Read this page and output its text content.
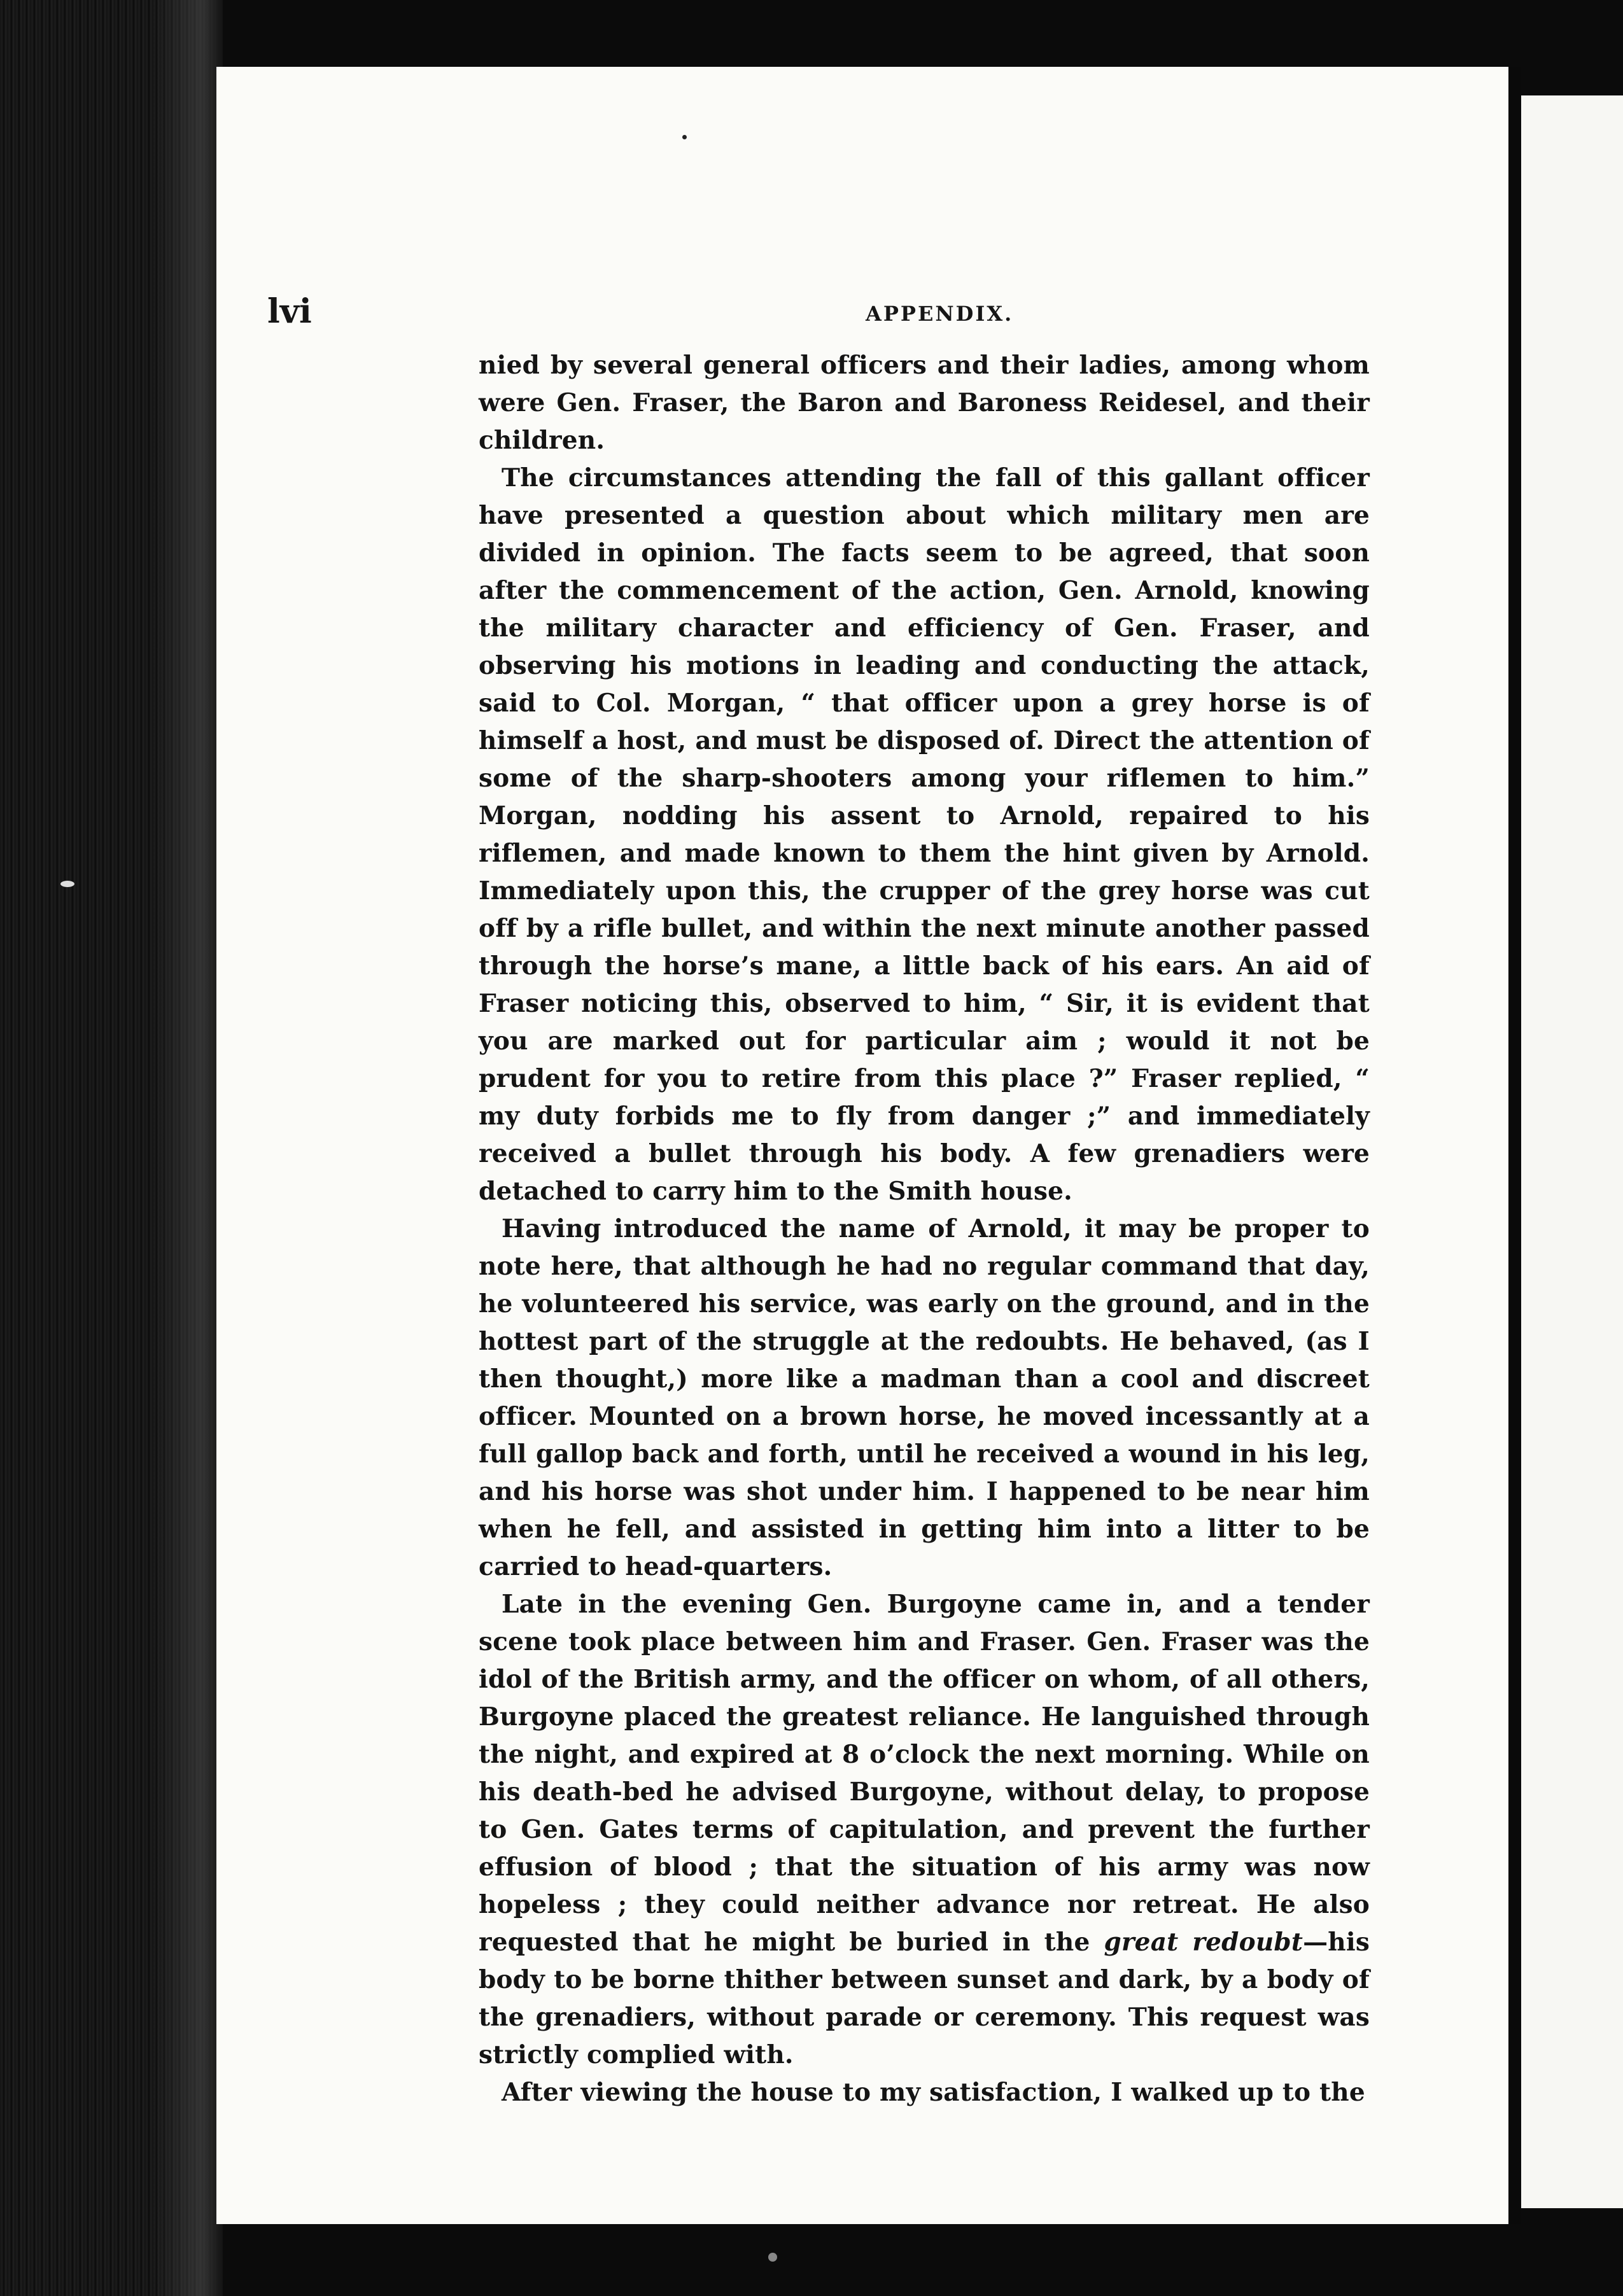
lvi	APPENDIX.

nied by several general officers and their ladies, among whom were Gen. Fraser, the Baron and Baroness Reidesel, and their children.

The circumstances attending the fall of this gallant officer have presented a question about which military men are divided in opinion. The facts seem to be agreed, that soon after the commencement of the action, Gen. Arnold, knowing the military character and efficiency of Gen. Fraser, and observing his motions in leading and conducting the attack, said to Col. Morgan, “ that officer upon a grey horse is of himself a host, and must be disposed of. Direct the attention of some of the sharp-shooters among your riflemen to him.” Morgan, nodding his assent to Arnold, repaired to his riflemen, and made known to them the hint given by Arnold. Immediately upon this, the crupper of the grey horse was cut off by a rifle bullet, and within the next minute another passed through the horse’s mane, a little back of his ears. An aid of Fraser noticing this, observed to him, “ Sir, it is evident that you are marked out for particular aim ; would it not be prudent for you to retire from this place ?” Fraser replied, “ my duty forbids me to fly from danger ;” and immediately received a bullet through his body. A few grenadiers were detached to carry him to the Smith house.

Having introduced the name of Arnold, it may be proper to note here, that although he had no regular command that day, he volunteered his service, was early on the ground, and in the hottest part of the struggle at the redoubts. He behaved, (as I then thought,) more like a madman than a cool and discreet officer. Mounted on a brown horse, he moved incessantly at a full gallop back and forth, until he received a wound in his leg, and his horse was shot under him. I happened to be near him when he fell, and assisted in getting him into a litter to be carried to head-quarters.

Late in the evening Gen. Burgoyne came in, and a tender scene took place between him and Fraser. Gen. Fraser was the idol of the British army, and the officer on whom, of all others, Burgoyne placed the greatest reliance. He languished through the night, and expired at 8 o’clock the next morning. While on his death-bed he advised Burgoyne, without delay, to propose to Gen. Gates terms of capitulation, and prevent the further effusion of blood ; that the situation of his army was now hopeless ; they could neither advance nor retreat. He also requested that he might be buried in the great redoubt—his body to be borne thither between sunset and dark, by a body of the grenadiers, without parade or ceremony. This request was strictly complied with.

After viewing the house to my satisfaction, I walked up to the
